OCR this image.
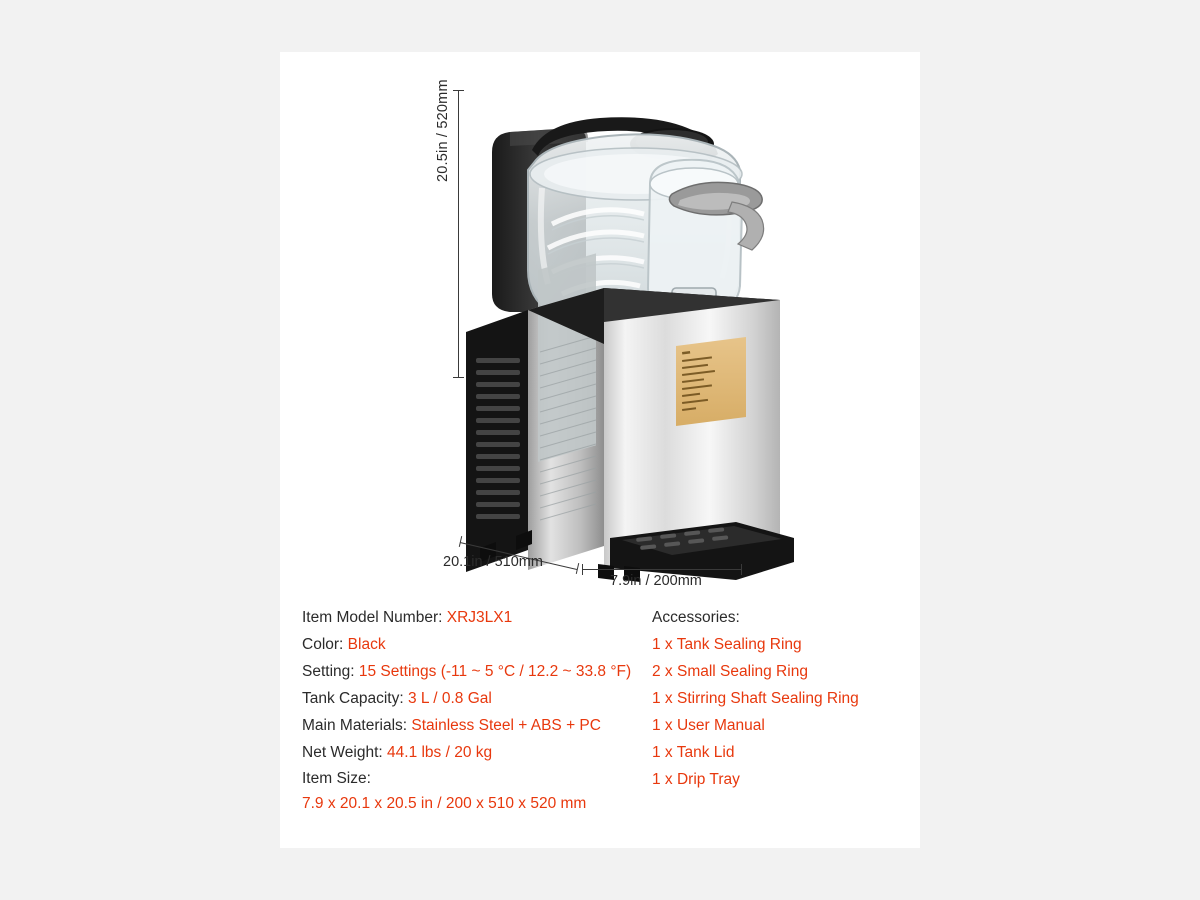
20.5in / 520mm
20.1in / 510mm
7.9in / 200mm
Item Model Number: XRJ3LX1
Color: Black
Setting: 15 Settings (-11 ~ 5 °C / 12.2 ~ 33.8 °F)
Tank Capacity: 3 L / 0.8 Gal
Main Materials: Stainless Steel + ABS + PC
Net Weight: 44.1 lbs / 20 kg
Item Size:
7.9 x 20.1 x 20.5 in / 200 x 510 x 520 mm
Accessories:
1 x Tank Sealing Ring
2 x Small Sealing Ring
1 x Stirring Shaft Sealing Ring
1 x User Manual
1 x Tank Lid
1 x Drip Tray
